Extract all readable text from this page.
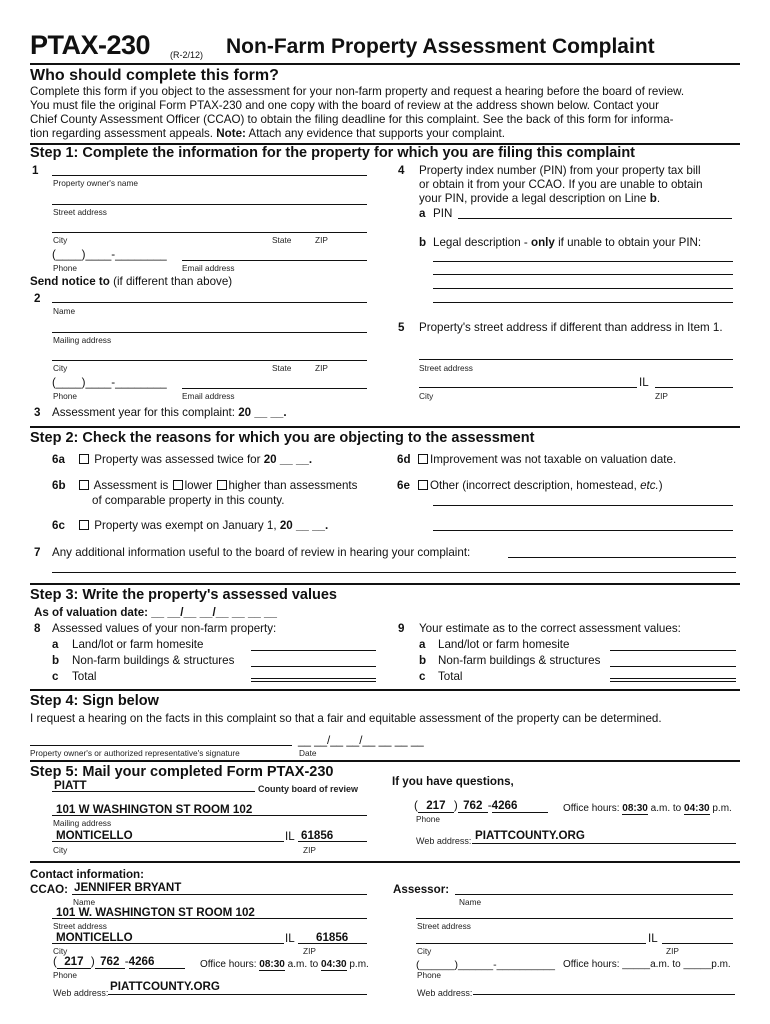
PTAX-230 (R-2/12) Non-Farm Property Assessment Complaint
Who should complete this form?
Complete this form if you object to the assessment for your non-farm property and request a hearing before the board of review.
You must file the original Form PTAX-230 and one copy with the board of review at the address shown below. Contact your
Chief County Assessment Officer (CCAO) to obtain the filing deadline for this complaint. See the back of this form for informa-
tion regarding assessment appeals. Note: Attach any evidence that supports your complaint.
Step 1: Complete the information for the property for which you are filing this complaint
1
Property owner's name
Street address
City	State	ZIP
(____)____-________
Phone	Email address
Send notice to (if different than above)
2
Name
Mailing address
City	State	ZIP
(____)____-________
Phone	Email address
3 Assessment year for this complaint: 20 __ __.
4 Property index number (PIN) from your property tax bill
or obtain it from your CCAO. If you are unable to obtain
your PIN, provide a legal description on Line b.
a PIN
b Legal description - only if unable to obtain your PIN:
5 Property's street address if different than address in Item 1.
Street address
IL
City	ZIP
Step 2: Check the reasons for which you are objecting to the assessment
6a	Property was assessed twice for 20 __ __.
6b	Assessment is lower higher than assessments
of comparable property in this county.
6c	Property was exempt on January 1, 20 __ __.
6d	Improvement was not taxable on valuation date.
6e	Other (incorrect description, homestead, etc.)
7 Any additional information useful to the board of review in hearing your complaint:
Step 3: Write the property's assessed values
As of valuation date: __ __/__ __/__ __ __ __
8 Assessed values of your non-farm property:
a Land/lot or farm homesite
b Non-farm buildings & structures
c Total
9 Your estimate as to the correct assessment values:
a Land/lot or farm homesite
b Non-farm buildings & structures
c Total
Step 4: Sign below
I request a hearing on the facts in this complaint so that a fair and equitable assessment of the property can be determined.
__ __/__ __/__ __ __ __
Property owner's or authorized representative's signature	Date
Step 5: Mail your completed Form PTAX-230
PIATT	County board of review
101 W WASHINGTON ST ROOM 102
Mailing address
MONTICELLO	IL 61856
City	ZIP
If you have questions,
( 217 ) 762 -4266
Phone
Office hours: 08:30 a.m. to 04:30 p.m.
Web address: PIATTCOUNTY.ORG
Contact information:
CCAO: JENNIFER BRYANT
Name
101 W. WASHINGTON ST ROOM 102
Street address
MONTICELLO	IL 61856
City	ZIP
( 217 ) 762 -4266
Phone
Office hours: 08:30 a.m. to 04:30 p.m.
Web address: PIATTCOUNTY.ORG
Assessor:
Name
Street address
IL
City	ZIP
(______)______-__________
Phone
Office hours: _____a.m. to _____p.m.
Web address:
